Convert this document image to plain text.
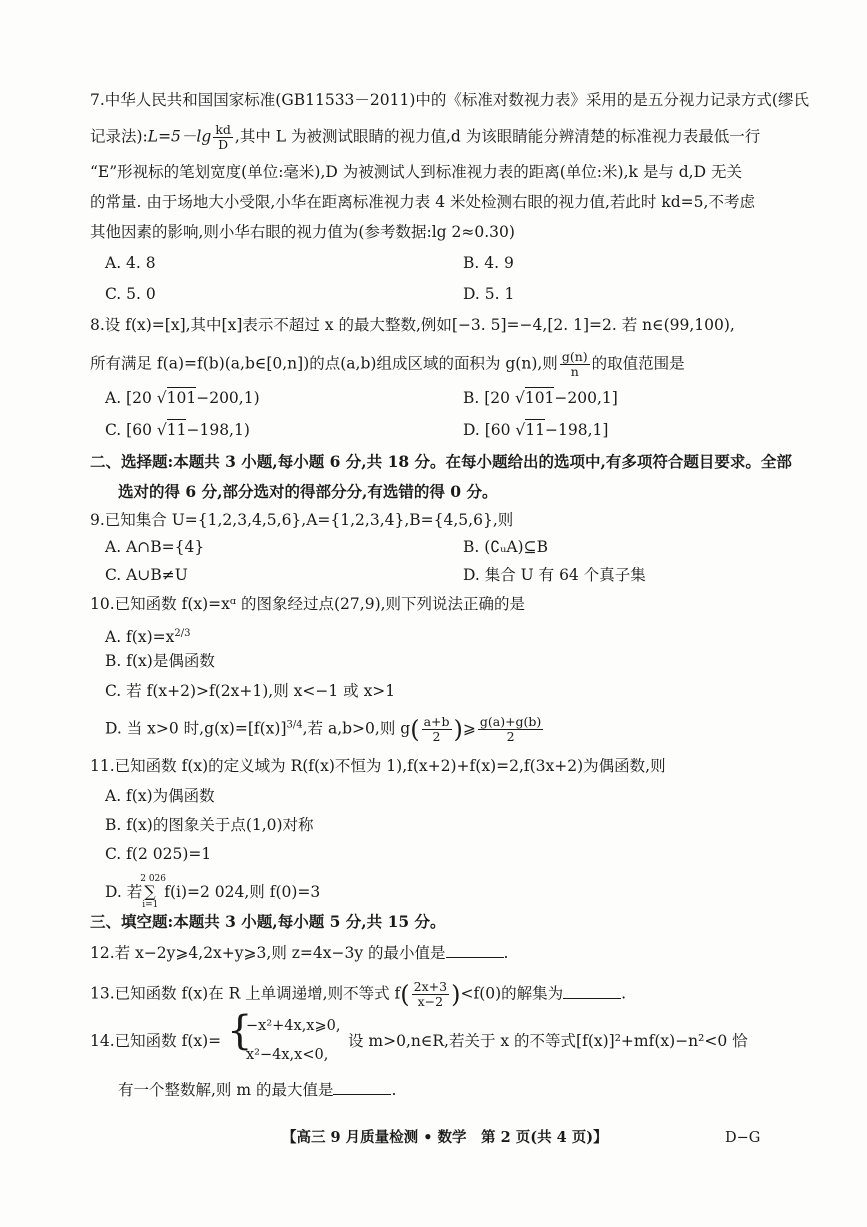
7.中华人民共和国国家标准(GB11533－2011)中的《标准对数视力表》采用的是五分视力记录方式(缪氏
记录法):L=5－lg $\frac{kd}{D}$ ,其中 L 为被测试眼睛的视力值,d 为该眼睛能分辨清楚的标准视力表最低一行
“E”形视标的笔划宽度(单位:毫米),D 为被测试人到标准视力表的距离(单位:米),k 是与 d,D 无关
的常量. 由于场地大小受限,小华在距离标准视力表 4 米处检测右眼的视力值,若此时 kd=5,不考虑
其他因素的影响,则小华右眼的视力值为(参考数据:lg 2≈0.30)
A. 4. 8	B. 4. 9
C. 5. 0	D. 5. 1
8.设 f(x)=[x],其中[x]表示不超过 x 的最大整数,例如[−3. 5]=−4,[2. 1]=2. 若 n∈(99,100),
所有满足 f(a)=f(b)(a,b∈[0,n])的点(a,b)组成区域的面积为 g(n),则 $\frac{g(n)}{n}$ 的取值范围是
A. [20 √101−200,1)	B. [20 √101−200,1]
C. [60 √11−198,1)	D. [60 √11−198,1]
二、选择题:本题共 3 小题,每小题 6 分,共 18 分。在每小题给出的选项中,有多项符合题目要求。全部
选对的得 6 分,部分选对的得部分分,有选错的得 0 分。
9.已知集合 U={1,2,3,4,5,6},A={1,2,3,4},B={4,5,6},则
A. A∩B={4}	B. (∁ᵤA)⊆B
C. A∪B≠U	D. 集合 U 有 64 个真子集
10.已知函数 f(x)=xᵅ 的图象经过点(27,9),则下列说法正确的是
A. $f(x)=x^{2/3}$
B. f(x)是偶函数
C. 若 f(x+2)>f(2x+1),则 x<−1 或 x>1
D. 当 x>0 时$,g(x)=[f(x)]^{3/4}$,若 a,b>0,则 $g( \frac{a+b}{2}$ )⩾ $\frac{g(a)+g(b)}{2}$
11.已知函数 f(x)的定义域为 R(f(x)不恒为 1),f(x+2)+f(x)=2,f(3x+2)为偶函数,则
A. f(x)为偶函数
B. f(x)的图象关于点(1,0)对称
C. f(2 025)=1
D. 若
2 026
∑
i=1
f(i)=2 024,则 f(0)=3
三、填空题:本题共 3 小题,每小题 5 分,共 15 分。
12.若 x−2y⩾4,2x+y⩾3,则 z=4x−3y 的最小值是	.
13.已知函数 f(x)在 R 上单调递增,则不等式 $f( \frac{2x+3}{x-2} )<f(0)$的解集为	.
14.已知函数 f(x)= {
−x²+4x,x⩾0,
x²−4x,x<0,
设 m>0,n∈R,若关于 x 的不等式[f(x)]²+mf(x)−n²<0 恰
有一个整数解,则 m 的最大值是	.
【高三 9 月质量检测 • 数学　第 2 页(共 4 页)】	D−G
